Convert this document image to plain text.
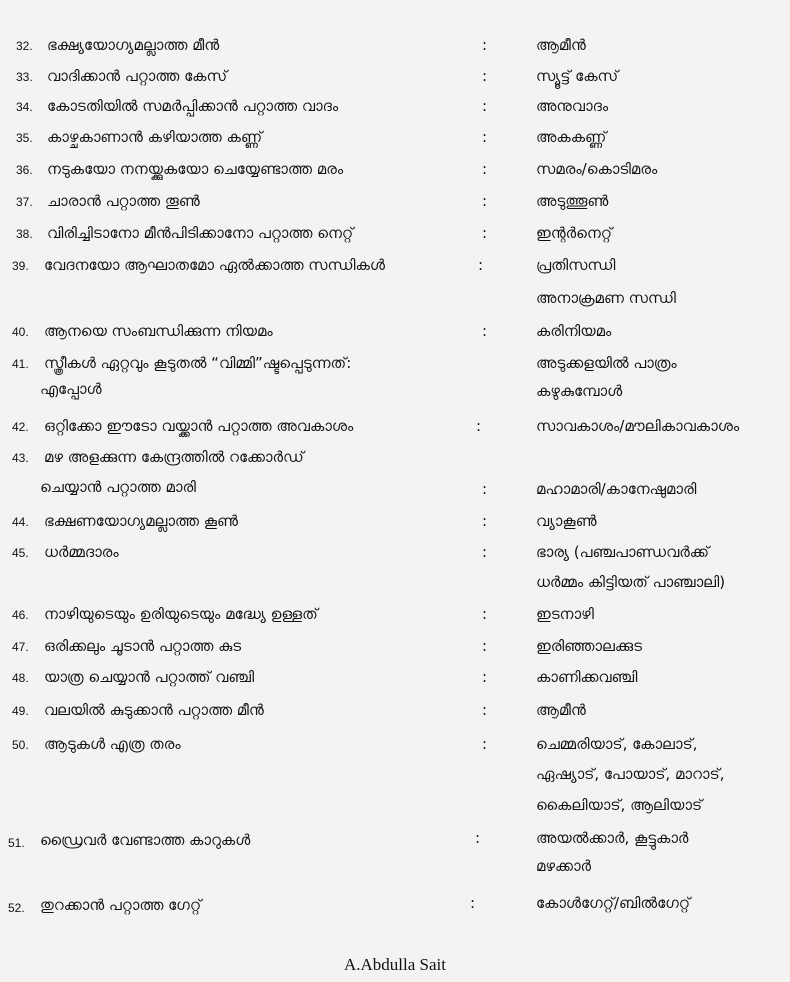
32. ഭക്ഷ്യയോഗ്യമല്ലാത്ത മീൻ	:	ആമീൻ
33. വാദിക്കാൻ പറ്റാത്ത കേസ്	:	സ്യൂട്ട് കേസ്
34. കോടതിയിൽ സമർപ്പിക്കാൻ പറ്റാത്ത വാദം	:	അനുവാദം
35. കാഴ്ചകാണാൻ കഴിയാത്ത കണ്ണ്	:	അകകണ്ണ്
36. നടുകയോ നനയ്ക്കുകയോ ചെയ്യേണ്ടാത്ത മരം	:	സമരം/കൊടിമരം
37. ചാരാൻ പറ്റാത്ത തൂൺ	:	അടുത്തൂൺ
38. വിരിച്ചിടാനോ മീൻപിടിക്കാനോ പറ്റാത്ത നെറ്റ്	:	ഇന്റർനെറ്റ്
39. വേദനയോ ആഘാതമോ ഏൽക്കാത്ത സന്ധികൾ	:	പ്രതിസന്ധി
അനാക്രമണ സന്ധി
40. ആനയെ സംബന്ധിക്കുന്ന നിയമം	:	കരിനിയമം
41. സ്ത്രീകൾ ഏറ്റവും കൂടുതൽ “വിമ്മി”ഷ്ടപ്പെടുന്നത്:	അടുക്കളയിൽ പാത്രം
എപ്പോൾ	കഴുകുമ്പോൾ
42. ഒറ്റിക്കോ ഈടോ വയ്ക്കാൻ പറ്റാത്ത അവകാശം	:	സാവകാശം/മൗലികാവകാശം
43. മഴ അളക്കുന്ന കേന്ദ്രത്തിൽ റക്കോർഡ്
ചെയ്യാൻ പറ്റാത്ത മാരി	:	മഹാമാരി/കാനേഷുമാരി
44. ഭക്ഷണയോഗ്യമല്ലാത്ത കൂൺ	:	വ്യാകൂൺ
45. ധർമ്മദാരം	:	ഭാര്യ (പഞ്ചപാണ്ഡവർക്ക്
ധർമ്മം കിട്ടിയത് പാഞ്ചാലി)
46. നാഴിയുടെയും ഉരിയുടെയും മദ്ധ്യേ ഉള്ളത്	:	ഇടനാഴി
47. ഒരിക്കലും ചൂടാൻ പറ്റാത്ത കുട	:	ഇരിഞ്ഞാലക്കുട
48. യാത്ര ചെയ്യാൻ പറ്റാത്ത് വഞ്ചി	:	കാണിക്കവഞ്ചി
49. വലയിൽ കുടുക്കാൻ പറ്റാത്ത മീൻ	:	ആമീൻ
50. ആടുകൾ എത്ര തരം	:	ചെമ്മരിയാട്, കോലാട്,
ഏഷ്യാട്, പോയാട്, മാറാട്,
കൈലിയാട്, ആലിയാട്
51. ഡ്രൈവർ വേണ്ടാത്ത കാറുകൾ	:	അയൽക്കാർ, കൂട്ടുകാർ
മഴക്കാർ
52. തുറക്കാൻ പറ്റാത്ത ഗേറ്റ്	:	കോൾഗേറ്റ്/ബിൽഗേറ്റ്
A.Abdulla Sait
